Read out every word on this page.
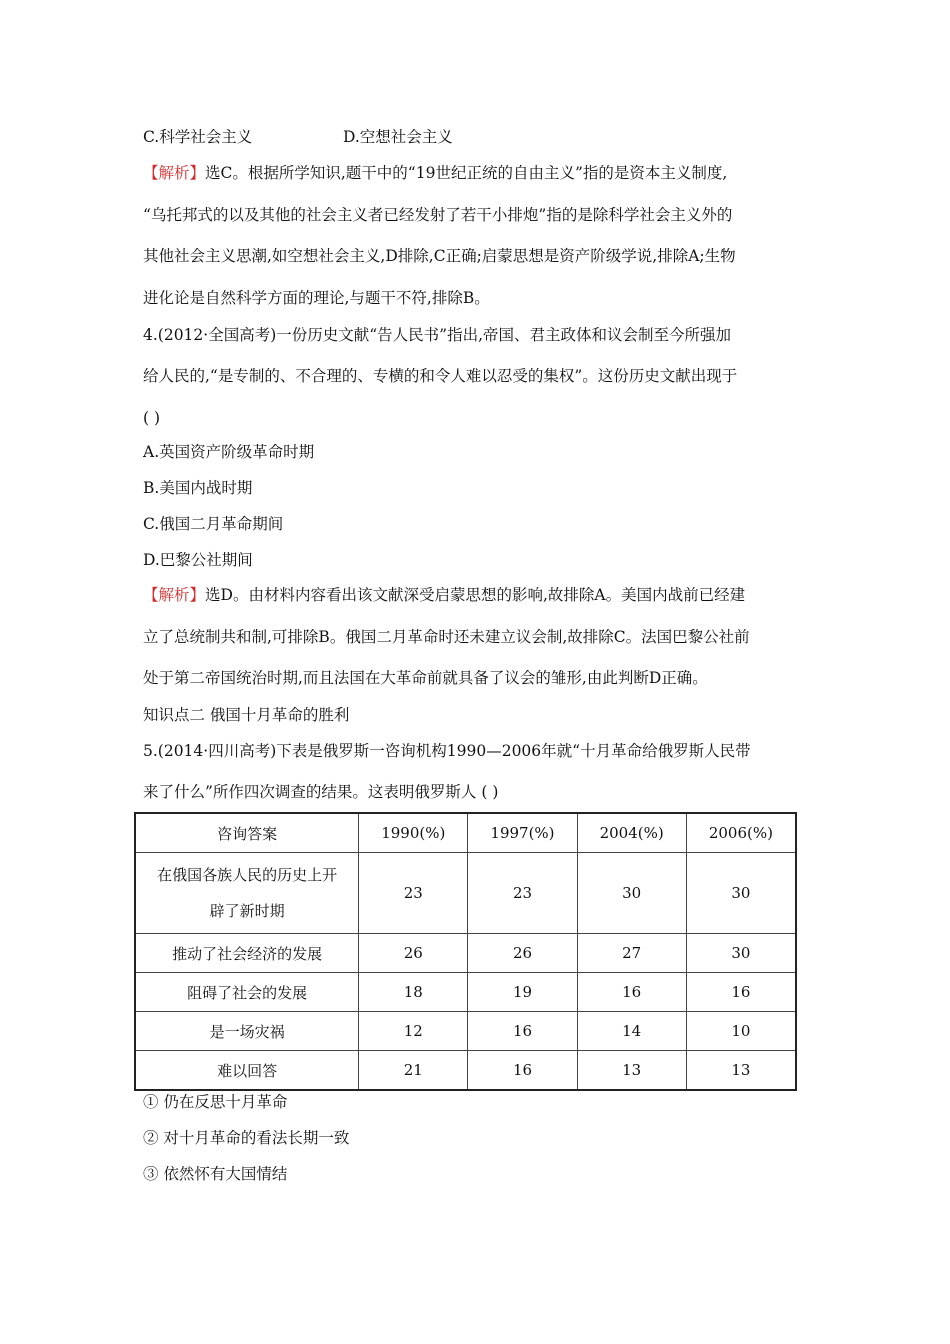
C.科学社会主义	D.空想社会主义
【解析】选C。根据所学知识,题干中的“19世纪正统的自由主义”指的是资本主义制度,
“乌托邦式的以及其他的社会主义者已经发射了若干小排炮”指的是除科学社会主义外的
其他社会主义思潮,如空想社会主义,D排除,C正确;启蒙思想是资产阶级学说,排除A;生物
进化论是自然科学方面的理论,与题干不符,排除B。
4.(2012·全国高考)一份历史文献“告人民书”指出,帝国、君主政体和议会制至今所强加
给人民的,“是专制的、不合理的、专横的和令人难以忍受的集权”。这份历史文献出现于
( )
A.英国资产阶级革命时期
B.美国内战时期
C.俄国二月革命期间
D.巴黎公社期间
【解析】选D。由材料内容看出该文献深受启蒙思想的影响,故排除A。美国内战前已经建
立了总统制共和制,可排除B。俄国二月革命时还未建立议会制,故排除C。法国巴黎公社前
处于第二帝国统治时期,而且法国在大革命前就具备了议会的雏形,由此判断D正确。
知识点二 俄国十月革命的胜利
5.(2014·四川高考)下表是俄罗斯一咨询机构1990—2006年就“十月革命给俄罗斯人民带
来了什么”所作四次调查的结果。这表明俄罗斯人 ( )
咨询答案	1990(%)	1997(%)	2004(%)	2006(%)

在俄国各族人民的历史上开
辟了新时期	23	23	30	30
推动了社会经济的发展	26	26	27	30
阻碍了社会的发展	18	19	16	16
是一场灾祸	12	16	14	10
难以回答	21	16	13	13
① 仍在反思十月革命
② 对十月革命的看法长期一致
③ 依然怀有大国情结
